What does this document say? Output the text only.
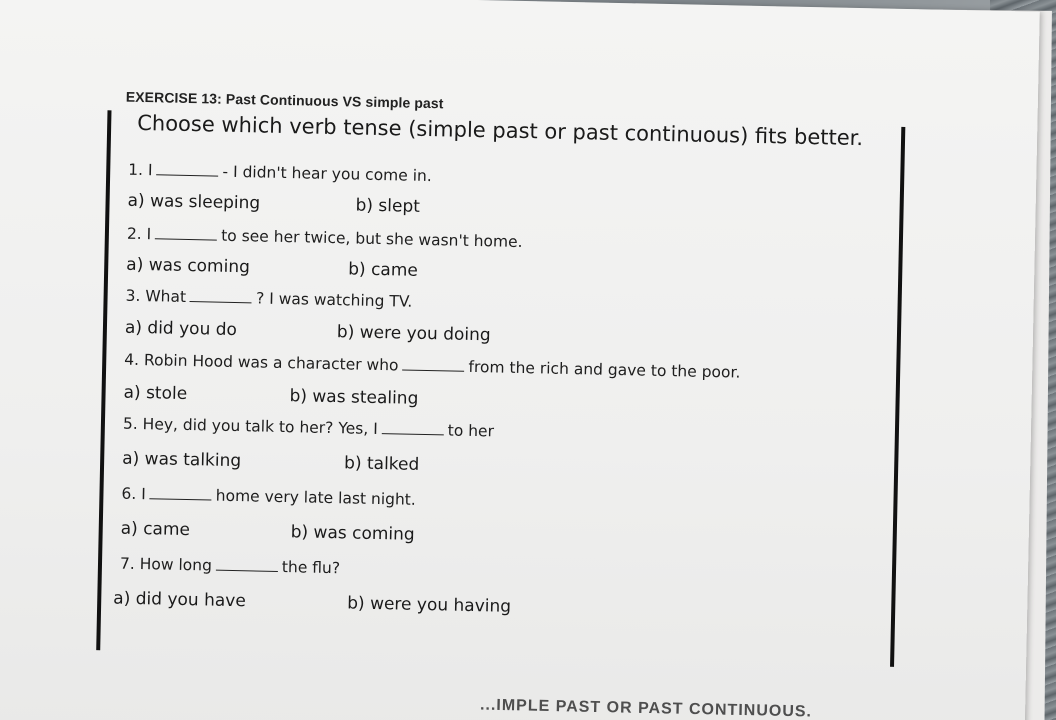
EXERCISE 13: Past Continuous VS simple past
Choose which verb tense (simple past or past continuous) fits better.
1. I	- I didn't hear you come in.
a) was sleeping	b) slept
2. I	to see her twice, but she wasn't home.
a) was coming	b) came
3. What	? I was watching TV.
a) did you do	b) were you doing
4. Robin Hood was a character who	from the rich and gave to the poor.
a) stole	b) was stealing
5. Hey, did you talk to her? Yes, I	to her
a) was talking	b) talked
6. I	home very late last night.
a) came	b) was coming
7. How long	the flu?
a) did you have	b) were you having
...IMPLE PAST OR PAST CONTINUOUS.
